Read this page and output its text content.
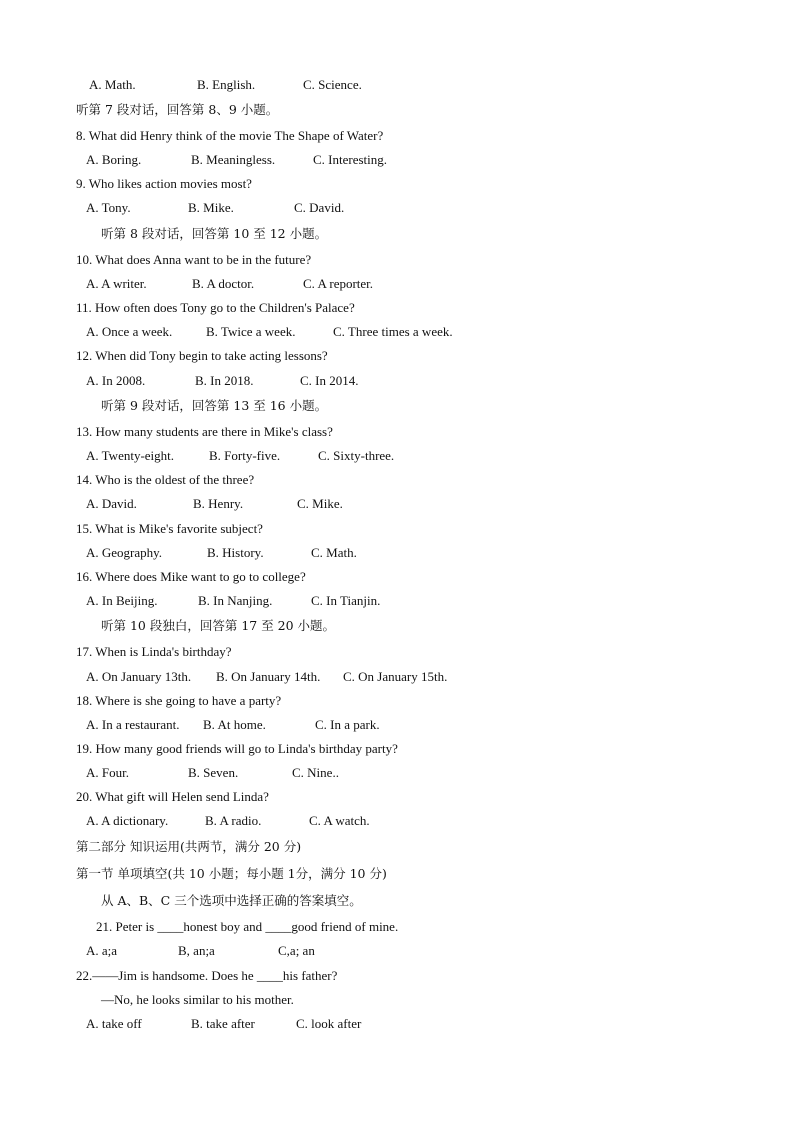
A. Math.	B. English.	C. Science.
听第 7 段对话，回答第 8、9 小题。
8. What did Henry think of the movie The Shape of Water?
A. Boring.	B. Meaningless.	C. Interesting.
9. Who likes action movies most?
A. Tony.	B. Mike.	C. David.
听第 8 段对话，回答第 10 至 12 小题。
10. What does Anna want to be in the future?
A. A writer.	B. A doctor.	C. A reporter.
11. How often does Tony go to the Children's Palace?
A. Once a week.	B. Twice a week.	C. Three times a week.
12. When did Tony begin to take acting lessons?
A. In 2008.	B. In 2018.	C. In 2014.
听第 9 段对话，回答第 13 至 16 小题。
13. How many students are there in Mike's class?
A. Twenty-eight.	B. Forty-five.	C. Sixty-three.
14. Who is the oldest of the three?
A. David.	B. Henry.	C. Mike.
15. What is Mike's favorite subject?
A. Geography.	B. History.	C. Math.
16. Where does Mike want to go to college?
A. In Beijing.	B. In Nanjing.	C. In Tianjin.
听第 10 段独白，回答第 17 至 20 小题。
17. When is Linda's birthday?
A. On January 13th. B. On January 14th. C. On January 15th.
18. Where is she going to have a party?
A. In a restaurant. B. At home.	C. In a park.
19. How many good friends will go to Linda's birthday party?
A. Four.	B. Seven.	C. Nine..
20. What gift will Helen send Linda?
A. A dictionary.	B. A radio.	C. A watch.
第二部分 知识运用(共两节，满分 20 分)
第一节 单项填空(共 10 小题；每小题 1分，满分 10 分)
从 A、B、C 三个选项中选择正确的答案填空。
21. Peter is ____honest boy and ____good friend of mine.
A. a;a	B, an;a	C,a; an
22.——Jim is handsome. Does he ____his father?
—No, he looks similar to his mother.
A. take off	B. take after	C. look after
